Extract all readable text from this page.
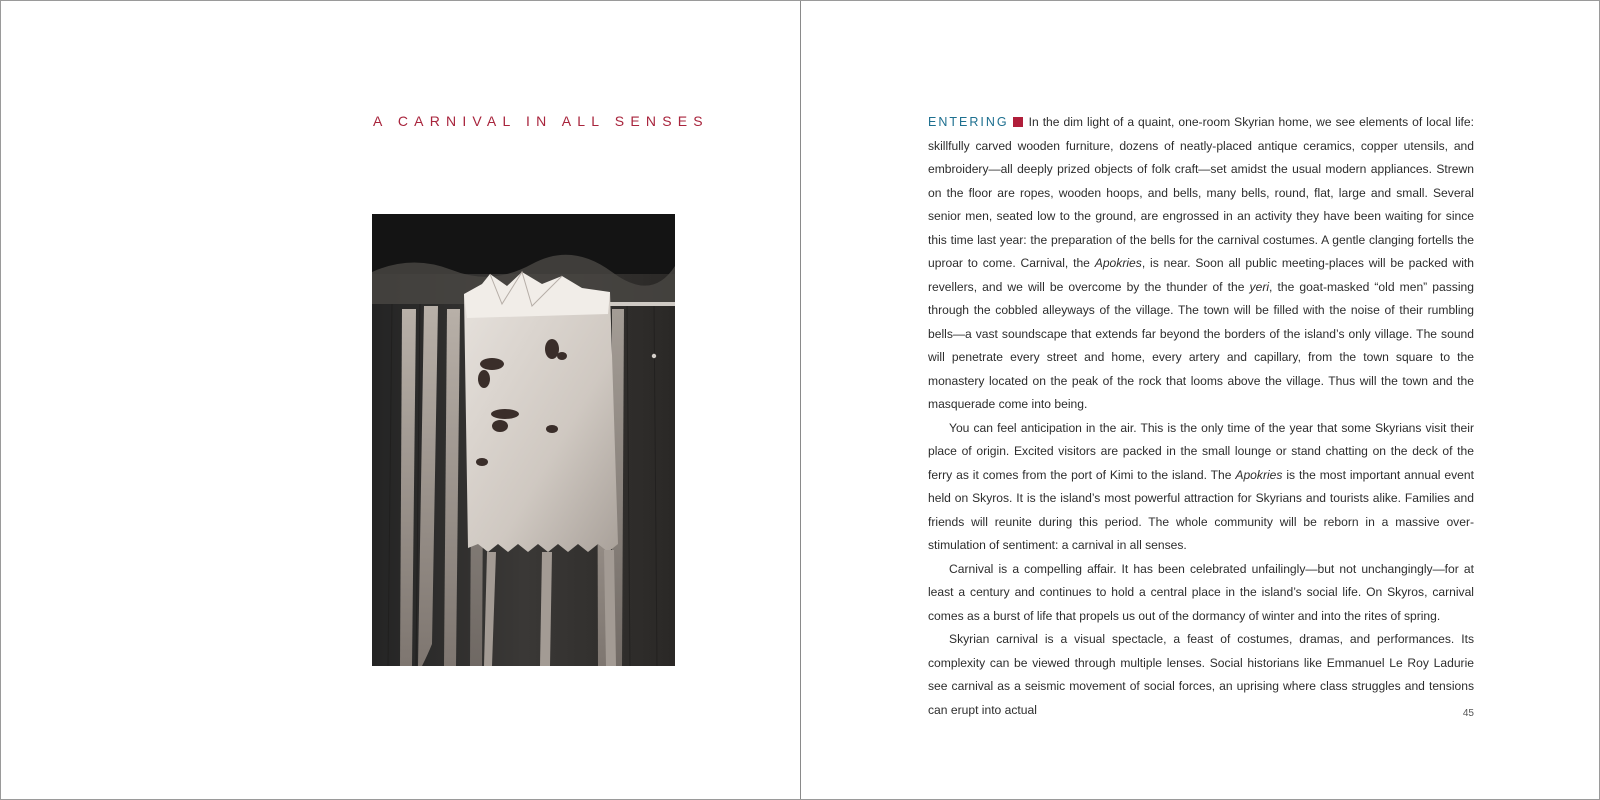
A CARNIVAL IN ALL SENSES	ENTERING In the dim light of a quaint, one-room Skyrian home, we see elements of local life: skillfully carved wooden furniture, dozens of neatly-placed antique ceramics, copper utensils, and embroidery—all deeply prized objects of folk craft—set amidst the usual modern appliances. Strewn on the floor are ropes, wooden hoops, and bells, many bells, round, flat, large and small. Several senior men, seated low to the ground, are engrossed in an activity they have been waiting for since this time last year: the preparation of the bells for the carnival costumes. A gentle clanging fortells the uproar to come. Carnival, the Apokries, is near. Soon all public meeting-places will be packed with revellers, and we will be overcome by the thunder of the yeri, the goat-masked “old men” passing through the cobbled alleyways of the village. The town will be filled with the noise of their rumbling bells—a vast soundscape that extends far beyond the borders of the island’s only village. The sound will penetrate every street and home, every artery and capillary, from the town square to the monastery located on the peak of the rock that looms above the village. Thus will the town and the masquerade come into being.

You can feel anticipation in the air. This is the only time of the year that some Skyrians visit their place of origin. Excited visitors are packed in the small lounge or stand chatting on the deck of the ferry as it comes from the port of Kimi to the island. The Apokries is the most important annual event held on Skyros. It is the island’s most powerful attraction for Skyrians and tourists alike. Families and friends will reunite during this period. The whole community will be reborn in a massive over-stimulation of sentiment: a carnival in all senses.

Carnival is a compelling affair. It has been celebrated unfailingly—but not unchangingly—for at least a century and continues to hold a central place in the island’s social life. On Skyros, carnival comes as a burst of life that propels us out of the dormancy of winter and into the rites of spring.

Skyrian carnival is a visual spectacle, a feast of costumes, dramas, and performances. Its complexity can be viewed through multiple lenses. Social historians like Emmanuel Le Roy Ladurie see carnival as a seismic movement of social forces, an uprising where class struggles and tensions can erupt into actual	45
